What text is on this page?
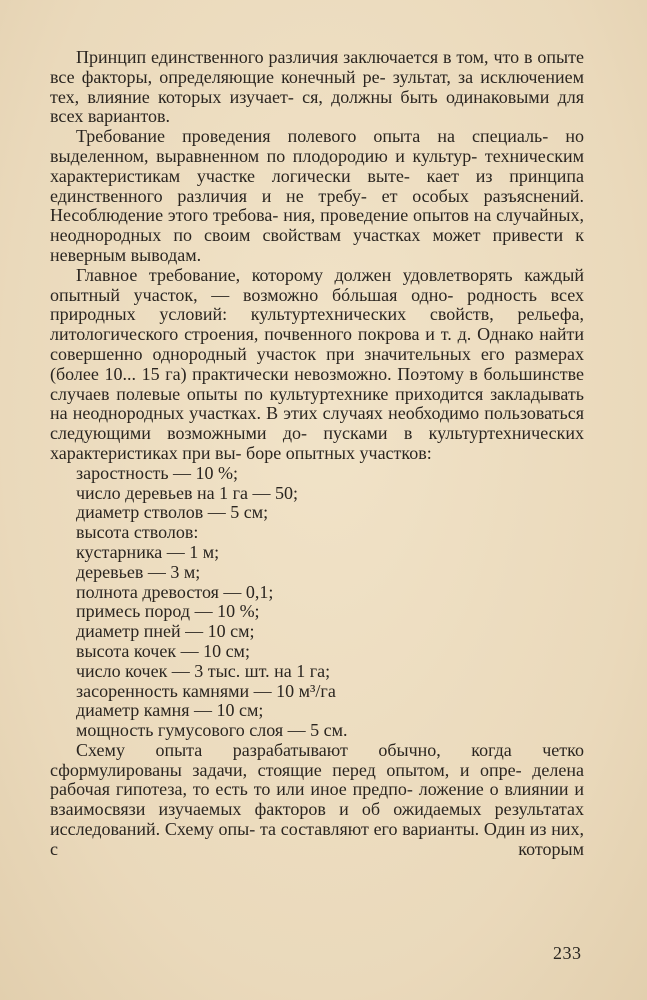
Принцип единственного различия заключается в том, что в опыте все факторы, определяющие конечный ре- зультат, за исключением тех, влияние которых изучает- ся, должны быть одинаковыми для всех вариантов.

Требование проведения полевого опыта на специаль- но выделенном, выравненном по плодородию и культур- техническим характеристикам участке логически выте- кает из принципа единственного различия и не требу- ет особых разъяснений. Несоблюдение этого требова- ния, проведение опытов на случайных, неоднородных по своим свойствам участках может привести к неверным выводам.

Главное требование, которому должен удовлетворять каждый опытный участок, — возможно бóльшая одно- родность всех природных условий: культуртехнических свойств, рельефа, литологического строения, почвенного покрова и т. д. Однако найти совершенно однородный участок при значительных его размерах (более 10... 15 га) практически невозможно. Поэтому в большинстве случаев полевые опыты по культуртехнике приходится закладывать на неоднородных участках. В этих случаях необходимо пользоваться следующими возможными до- пусками в культуртехнических характеристиках при вы- боре опытных участков:

заростность — 10 %;
число деревьев на 1 га — 50;
диаметр стволов — 5 см;
высота стволов:
кустарника — 1 м;
деревьев — 3 м;
полнота древостоя — 0,1;
примесь пород — 10 %;
диаметр пней — 10 см;
высота кочек — 10 см;
число кочек — 3 тыс. шт. на 1 га;
засоренность камнями — 10 м³/га
диаметр камня — 10 см;
мощность гумусового слоя — 5 см.

Схему опыта разрабатывают обычно, когда четко сформулированы задачи, стоящие перед опытом, и опре- делена рабочая гипотеза, то есть то или иное предпо- ложение о влиянии и взаимосвязи изучаемых факторов и об ожидаемых результатах исследований. Схему опы- та составляют его варианты. Один из них, с которым

233
